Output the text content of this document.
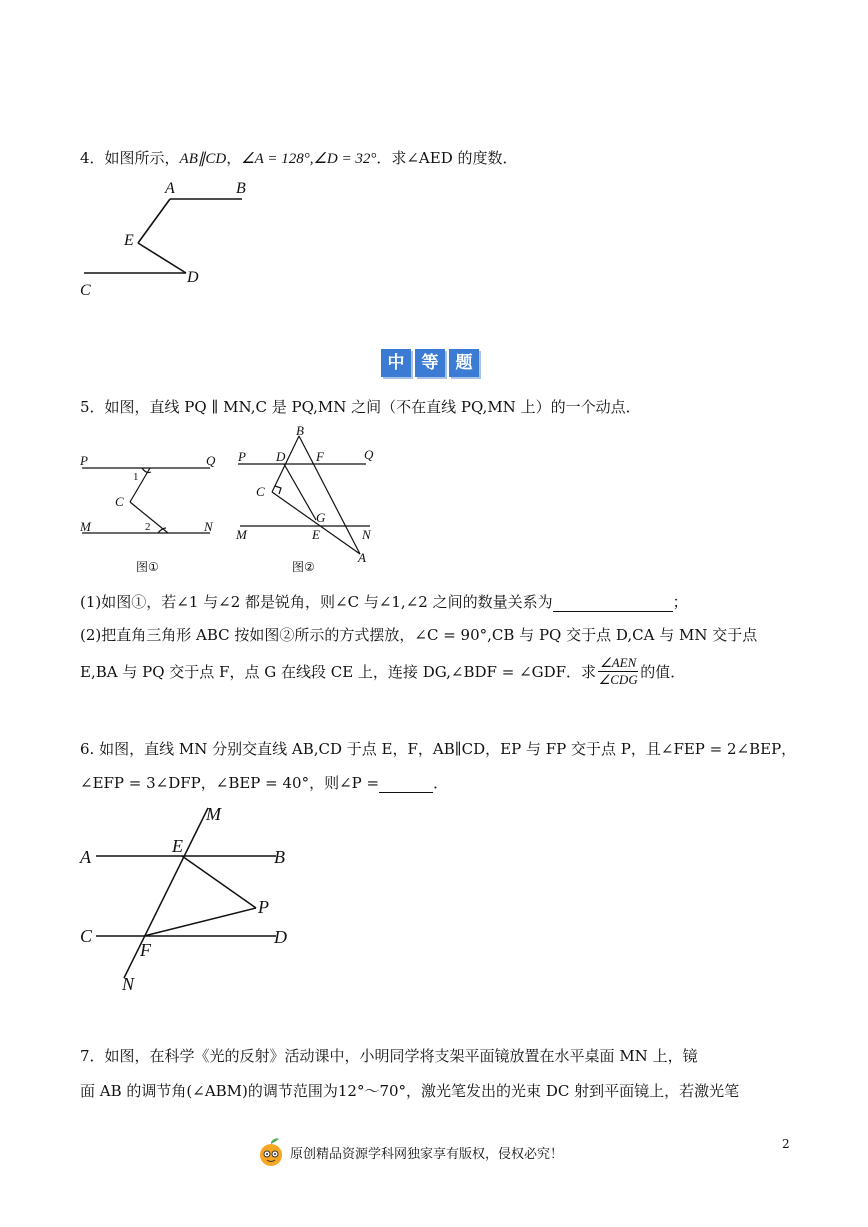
4．如图所示，AB∥CD，∠A = 128°,∠D = 32°．求∠AED 的度数．
A	B
E
D
C
中	等	题
5．如图，直线 PQ ∥ MN,C 是 PQ,MN 之间（不在直线 PQ,MN 上）的一个动点．
P	Q
1
C
2
M	N
图①
B
P D F	Q
C
G
M	E	N
A
图②
(1)如图①，若∠1 与∠2 都是锐角，则∠C 与∠1,∠2 之间的数量关系为	；
(2)把直角三角形 ABC 按如图②所示的方式摆放，∠C = 90°,CB 与 PQ 交于点 D,CA 与 MN 交于点
E,BA 与 PQ 交于点 F，点 G 在线段 CE 上，连接 DG,∠BDF = ∠GDF．求 $\frac{\text{∠AEN}}{\text{∠CDG}}$ 的值．
6. 如图，直线 MN 分别交直线 AB,CD 于点 E，F，AB∥CD，EP 与 FP 交于点 P，且∠FEP = 2∠BEP，
∠EFP = 3∠DFP，∠BEP = 40°，则∠P =	．
M
A
E
B
P
C
F
D
N
7．如图，在科学《光的反射》活动课中，小明同学将支架平面镜放置在水平桌面 MN 上，镜
面 AB 的调节角(∠ABM)的调节范围为12°～70°，激光笔发出的光束 DC 射到平面镜上，若激光笔
原创精品资源学科网独家享有版权，侵权必究！
2
